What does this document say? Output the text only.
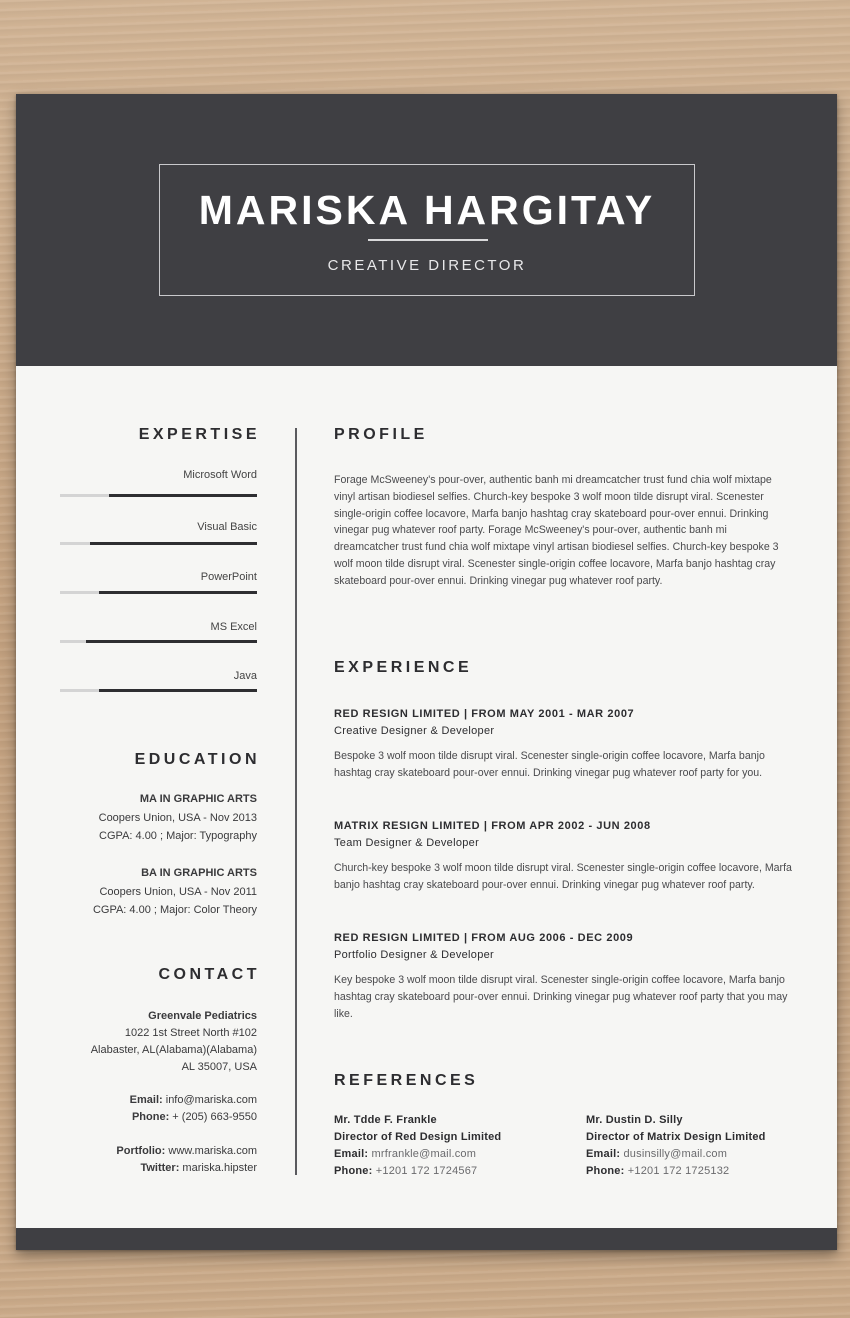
MARISKA HARGITAY
CREATIVE DIRECTOR
EXPERTISE
Microsoft Word
Visual Basic
PowerPoint
MS Excel
Java
EDUCATION
MA IN GRAPHIC ARTS
Coopers Union, USA - Nov 2013
CGPA: 4.00 ; Major: Typography
BA IN GRAPHIC ARTS
Coopers Union, USA - Nov 2011
CGPA: 4.00 ; Major: Color Theory
CONTACT
Greenvale Pediatrics
1022 1st Street North #102
Alabaster, AL(Alabama)(Alabama)
AL 35007, USA
Email: info@mariska.com
Phone: + (205) 663-9550
Portfolio: www.mariska.com
Twitter: mariska.hipster
PROFILE
Forage McSweeney's pour-over, authentic banh mi dreamcatcher trust fund chia wolf mixtape vinyl artisan biodiesel selfies. Church-key bespoke 3 wolf moon tilde disrupt viral. Scenester single-origin coffee locavore, Marfa banjo hashtag cray skateboard pour-over ennui. Drinking vinegar pug whatever roof party. Forage McSweeney's pour-over, authentic banh mi dreamcatcher trust fund chia wolf mixtape vinyl artisan biodiesel selfies. Church-key bespoke 3 wolf moon tilde disrupt viral. Scenester single-origin coffee locavore, Marfa banjo hashtag cray skateboard pour-over ennui. Drinking vinegar pug whatever roof party.
EXPERIENCE
RED RESIGN LIMITED | FROM MAY 2001 - MAR 2007
Creative Designer & Developer
Bespoke 3 wolf moon tilde disrupt viral. Scenester single-origin coffee locavore, Marfa banjo hashtag cray skateboard pour-over ennui. Drinking vinegar pug whatever roof party for you.
MATRIX RESIGN LIMITED | FROM APR 2002 - JUN 2008
Team Designer & Developer
Church-key bespoke 3 wolf moon tilde disrupt viral. Scenester single-origin coffee locavore, Marfa banjo hashtag cray skateboard pour-over ennui. Drinking vinegar pug whatever roof party.
RED RESIGN LIMITED | FROM AUG 2006 - DEC 2009
Portfolio Designer & Developer
Key bespoke 3 wolf moon tilde disrupt viral. Scenester single-origin coffee locavore, Marfa banjo hashtag cray skateboard pour-over ennui. Drinking vinegar pug whatever roof party that you may like.
REFERENCES
Mr. Tdde F. Frankle
Director of Red Design Limited
Email: mrfrankle@mail.com
Phone: +1201 172 1724567
Mr. Dustin D. Silly
Director of Matrix Design Limited
Email: dusinsilly@mail.com
Phone: +1201 172 1725132
